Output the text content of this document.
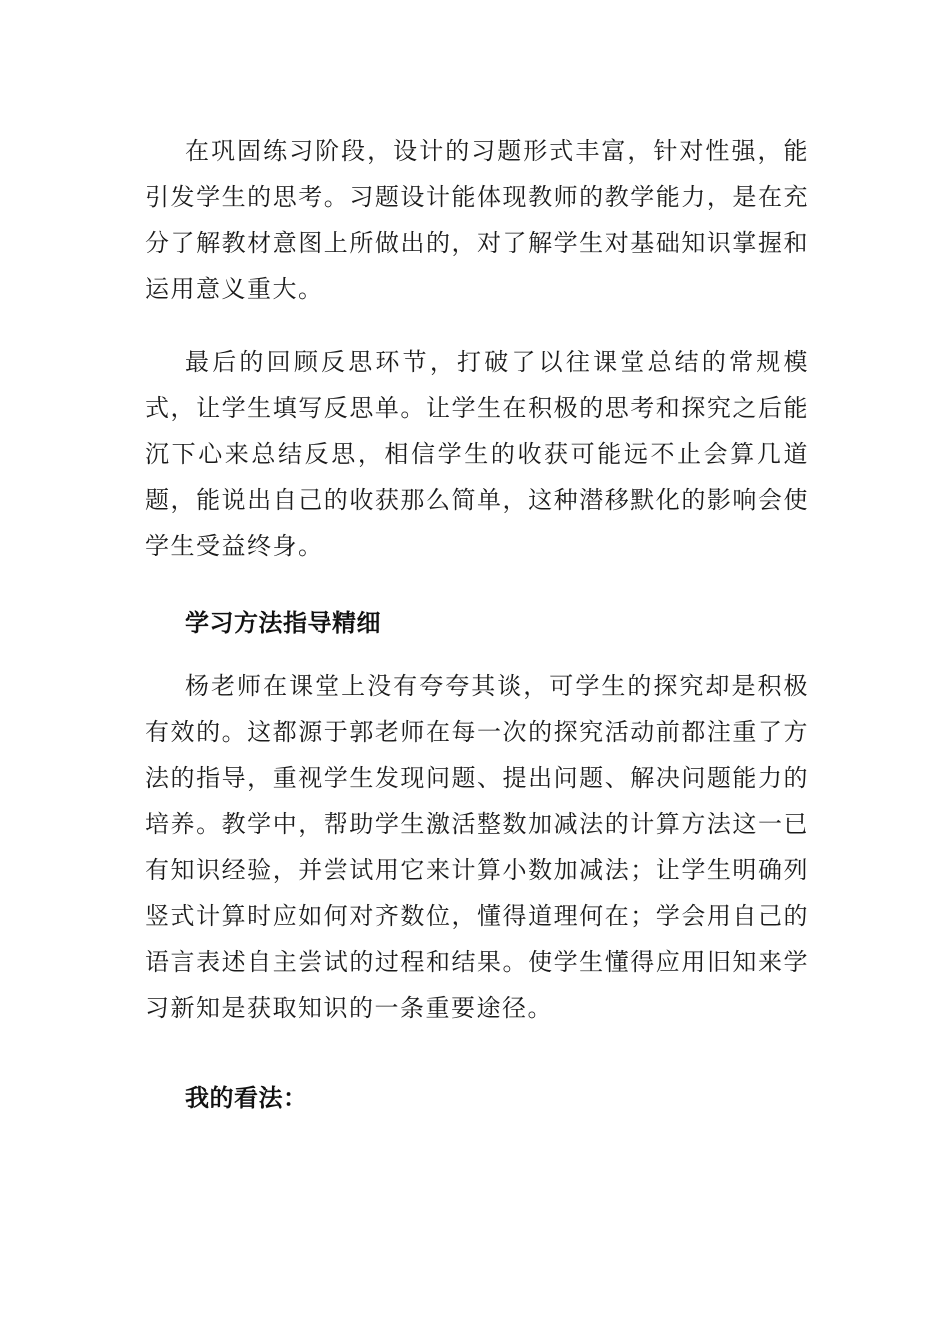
在巩固练习阶段，设计的习题形式丰富，针对性强，能引发学生的思考。习题设计能体现教师的教学能力，是在充分了解教材意图上所做出的，对了解学生对基础知识掌握和运用意义重大。

最后的回顾反思环节，打破了以往课堂总结的常规模式，让学生填写反思单。让学生在积极的思考和探究之后能沉下心来总结反思，相信学生的收获可能远不止会算几道题，能说出自己的收获那么简单，这种潜移默化的影响会使学生受益终身。

学习方法指导精细

杨老师在课堂上没有夸夸其谈，可学生的探究却是积极有效的。这都源于郭老师在每一次的探究活动前都注重了方法的指导，重视学生发现问题、提出问题、解决问题能力的培养。教学中，帮助学生激活整数加减法的计算方法这一已有知识经验，并尝试用它来计算小数加减法；让学生明确列竖式计算时应如何对齐数位，懂得道理何在；学会用自己的语言表述自主尝试的过程和结果。使学生懂得应用旧知来学习新知是获取知识的一条重要途径。

我的看法：
